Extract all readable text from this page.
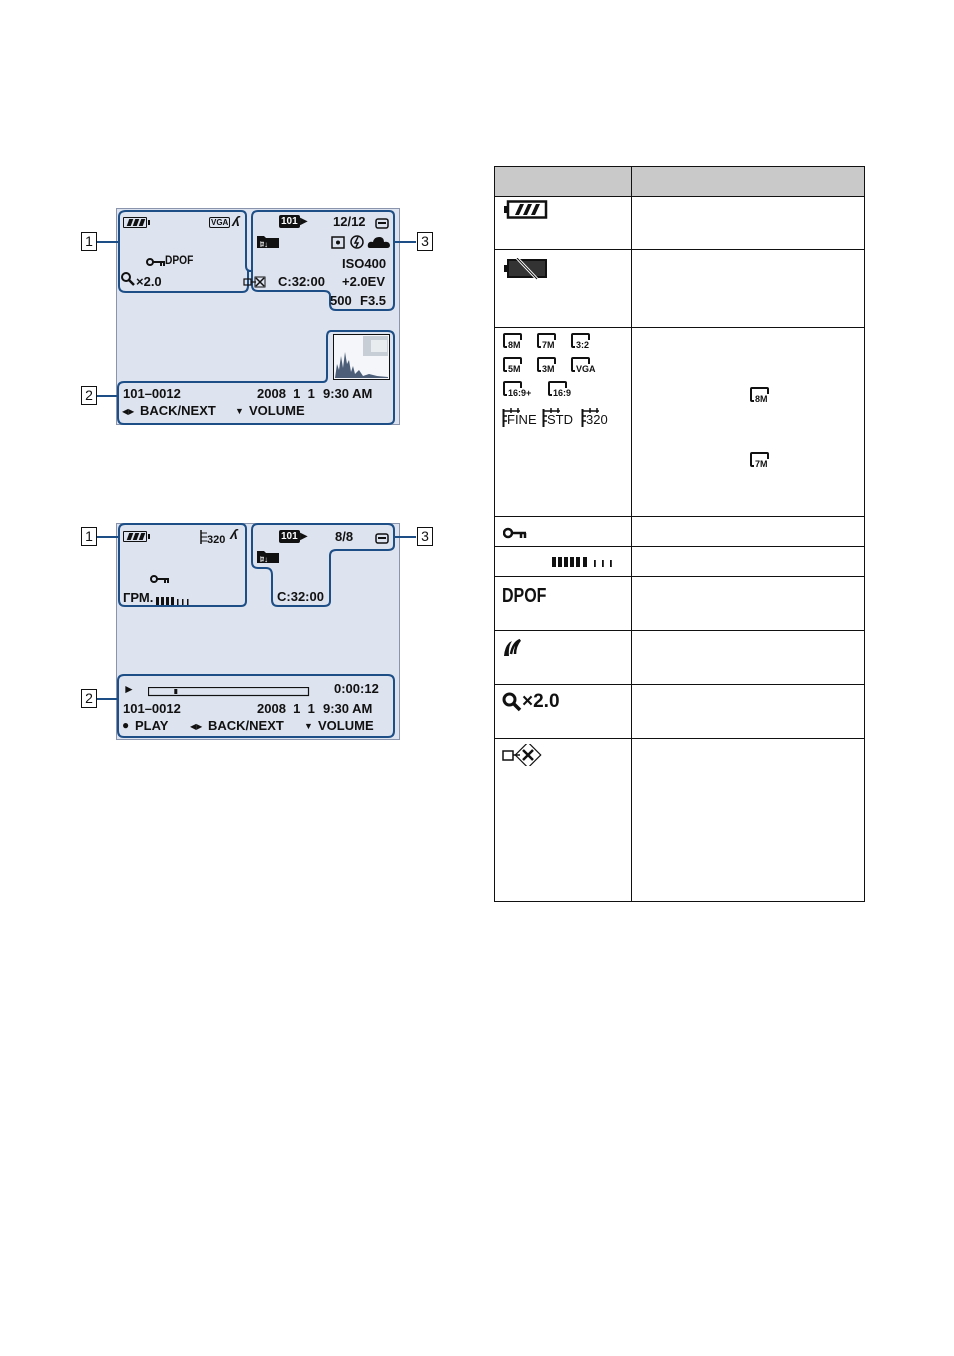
1	3
2
VGA ʎ
DPOF
×2.0
101 ▶ 12/12
ﾛ↓
ISO400
C:32:00 +2.0EV
500 F3.5
101–0012	2008  1  1 9:30 AM
◀▶ BACK/NEXT ▼ VOLUME
1	3
2
320 ʎ
ГРМ.
101 ▶ 8/8
ﾛ↓
C:32:00
►	0:00:12
101–0012	2008  1  1 9:30 AM
● PLAY	◀▶ BACK/NEXT ▼ VOLUME
8M 7M 3:2
5M 3M VGA
16:9+ 16:9
FINE STD 320
8M
7M
DPOF
×2.0
